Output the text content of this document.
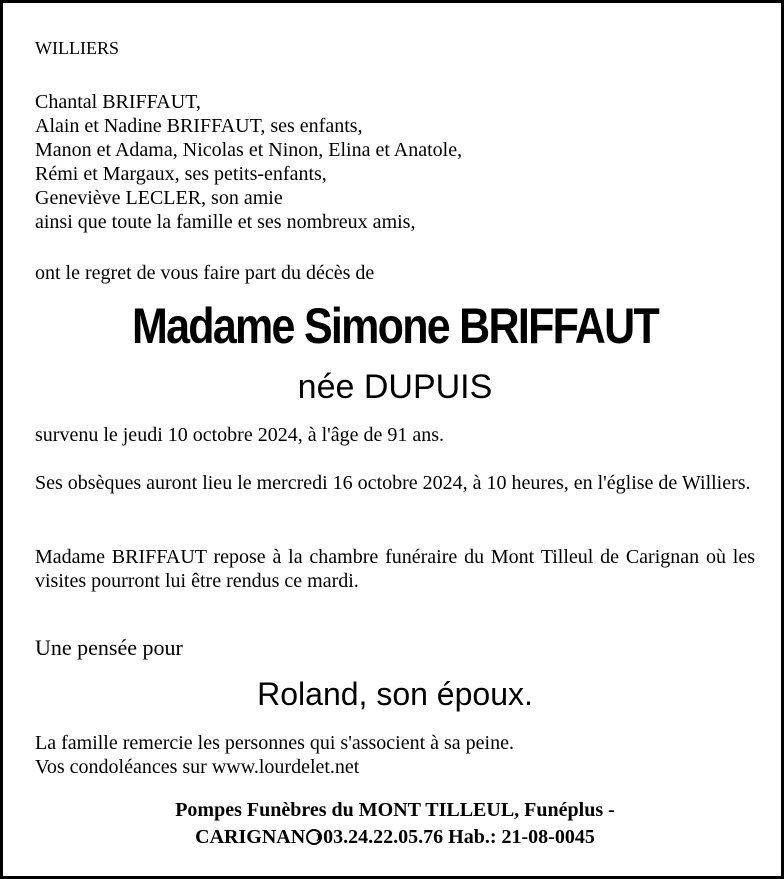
WILLIERS
Chantal BRIFFAUT,
Alain et Nadine BRIFFAUT, ses enfants,
Manon et Adama, Nicolas et Ninon, Elina et Anatole,
Rémi et Margaux, ses petits-enfants,
Geneviève LECLER, son amie
ainsi que toute la famille et ses nombreux amis,
ont le regret de vous faire part du décès de
Madame Simone BRIFFAUT
née DUPUIS
survenu le jeudi 10 octobre 2024, à l'âge de 91 ans.
Ses obsèques auront lieu le mercredi 16 octobre 2024, à 10 heures, en l'église de Williers.
Madame BRIFFAUT repose à la chambre funéraire du Mont Tilleul de Carignan où les visites pourront lui être rendus ce mardi.
Une pensée pour
Roland, son époux.
La famille remercie les personnes qui s'associent à sa peine.
Vos condoléances sur www.lourdelet.net
Pompes Funèbres du MONT TILLEUL, Funéplus -
CARIGNAN 03.24.22.05.76 Hab.: 21-08-0045
